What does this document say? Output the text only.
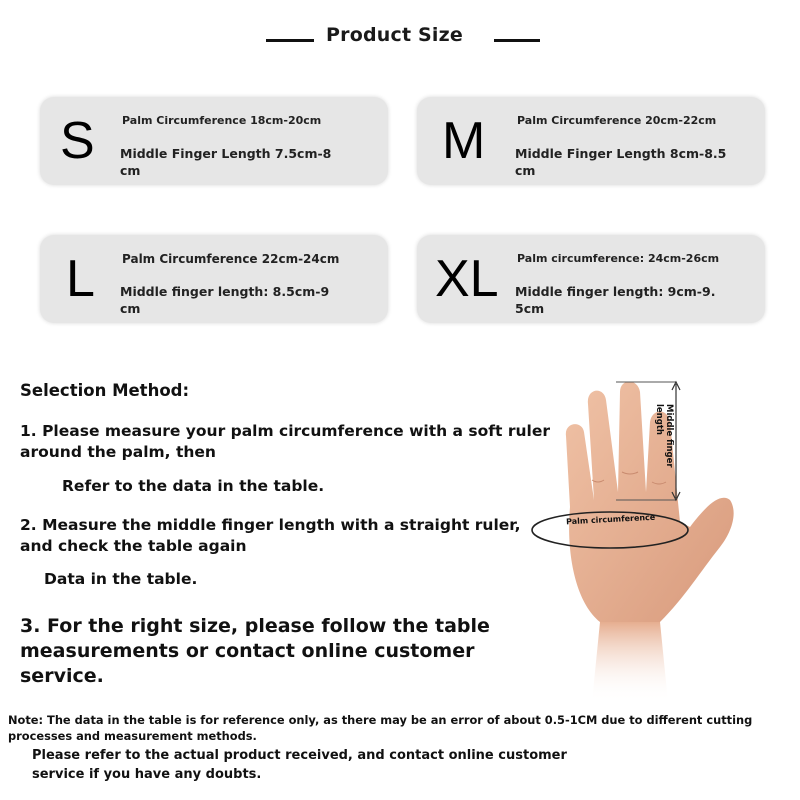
Product Size
S Palm Circumference 18cm-20cm
Middle Finger Length 7.5cm-8 cm
M	Palm Circumference 20cm-22cm
Middle Finger Length 8cm-8.5 cm
L Palm Circumference 22cm-24cm
Middle finger length: 8.5cm-9 cm
XL Palm circumference: 24cm-26cm
Middle finger length: 9cm-9. 5cm
Selection Method:
1. Please measure your palm circumference with a soft ruler around the palm, then
Refer to the data in the table.
2. Measure the middle finger length with a straight ruler, and check the table again
Data in the table.
3. For the right size, please follow the table measurements or contact online customer service.
Middle finger
length
Palm circumference
Note: The data in the table is for reference only, as there may be an error of about 0.5-1CM due to different cutting processes and measurement methods.
Please refer to the actual product received, and contact online customer service if you have any doubts.
